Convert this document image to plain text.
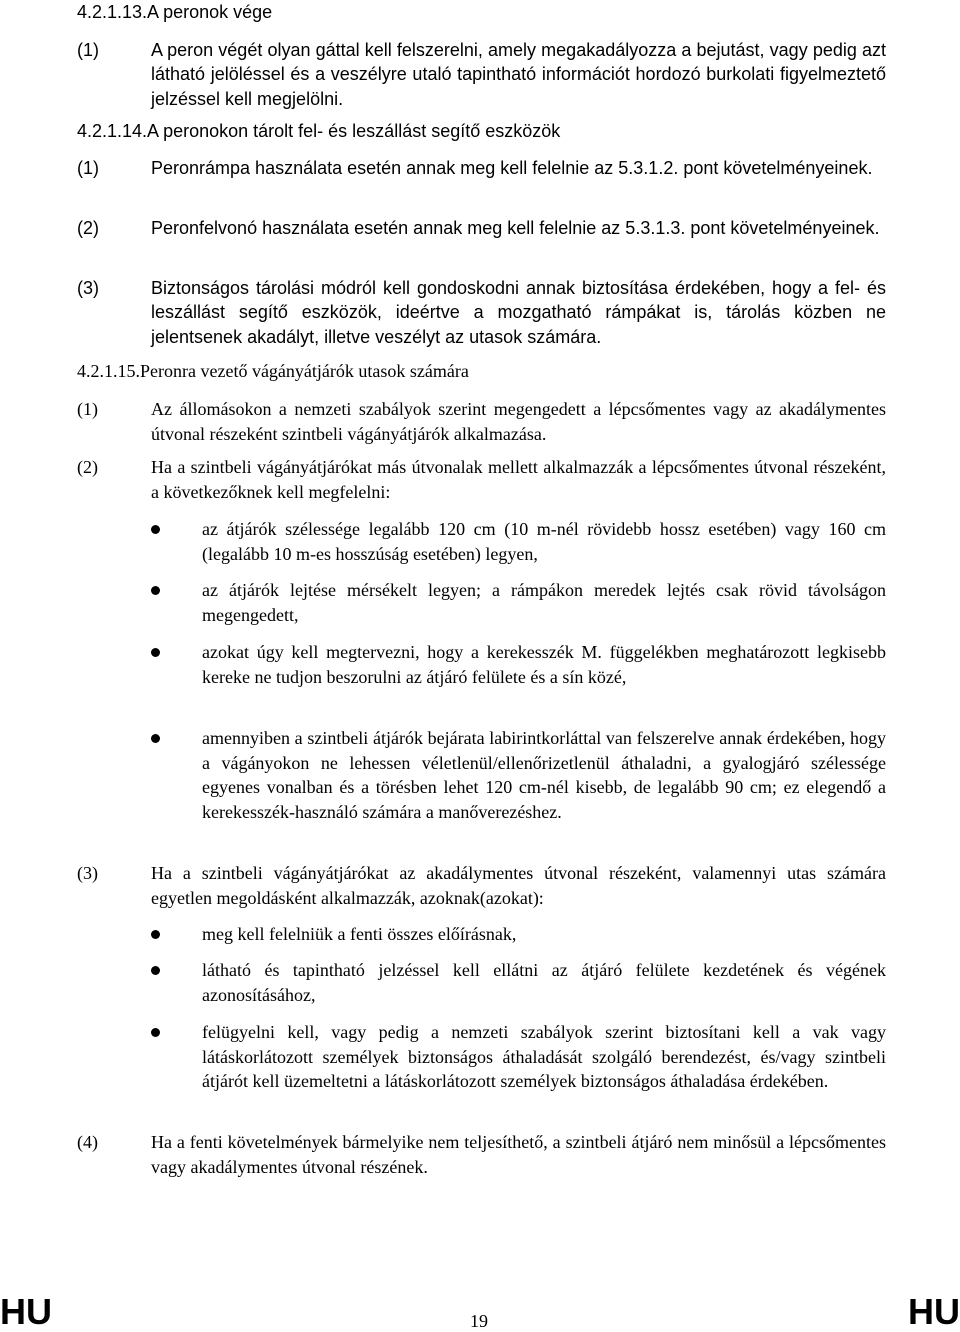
4.2.1.13.A peronok vége
(1)	A peron végét olyan gáttal kell felszerelni, amely megakadályozza a bejutást, vagy pedig azt látható jelöléssel és a veszélyre utaló tapintható információt hordozó burkolati figyelmeztető jelzéssel kell megjelölni.
4.2.1.14.A peronokon tárolt fel- és leszállást segítő eszközök
(1)	Peronrámpa használata esetén annak meg kell felelnie az 5.3.1.2. pont követelményeinek.
(2)	Peronfelvonó használata esetén annak meg kell felelnie az 5.3.1.3. pont követelményeinek.
(3)	Biztonságos tárolási módról kell gondoskodni annak biztosítása érdekében, hogy a fel- és leszállást segítő eszközök, ideértve a mozgatható rámpákat is, tárolás közben ne jelentsenek akadályt, illetve veszélyt az utasok számára.
4.2.1.15.Peronra vezető vágányátjárók utasok számára
(1)	Az állomásokon a nemzeti szabályok szerint megengedett a lépcsőmentes vagy az akadálymentes útvonal részeként szintbeli vágányátjárók alkalmazása.
(2)	Ha a szintbeli vágányátjárókat más útvonalak mellett alkalmazzák a lépcsőmentes útvonal részeként, a következőknek kell megfelelni:
az átjárók szélessége legalább 120 cm (10 m-nél rövidebb hossz esetében) vagy 160 cm (legalább 10 m-es hosszúság esetében) legyen,
az átjárók lejtése mérsékelt legyen; a rámpákon meredek lejtés csak rövid távolságon megengedett,
azokat úgy kell megtervezni, hogy a kerekesszék M. függelékben meghatározott legkisebb kereke ne tudjon beszorulni az átjáró felülete és a sín közé,
amennyiben a szintbeli átjárók bejárata labirintkorláttal van felszerelve annak érdekében, hogy a vágányokon ne lehessen véletlenül/ellenőrizetlenül áthaladni, a gyalogjáró szélessége egyenes vonalban és a törésben lehet 120 cm-nél kisebb, de legalább 90 cm; ez elegendő a kerekesszék-használó számára a manőverezéshez.
(3)	Ha a szintbeli vágányátjárókat az akadálymentes útvonal részeként, valamennyi utas számára egyetlen megoldásként alkalmazzák, azoknak(azokat):
meg kell felelniük a fenti összes előírásnak,
látható és tapintható jelzéssel kell ellátni az átjáró felülete kezdetének és végének azonosításához,
felügyelni kell, vagy pedig a nemzeti szabályok szerint biztosítani kell a vak vagy látáskorlátozott személyek biztonságos áthaladását szolgáló berendezést, és/vagy szintbeli átjárót kell üzemeltetni a látáskorlátozott személyek biztonságos áthaladása érdekében.
(4)	Ha a fenti követelmények bármelyike nem teljesíthető, a szintbeli átjáró nem minősül a lépcsőmentes vagy akadálymentes útvonal részének.
HU	19	HU
